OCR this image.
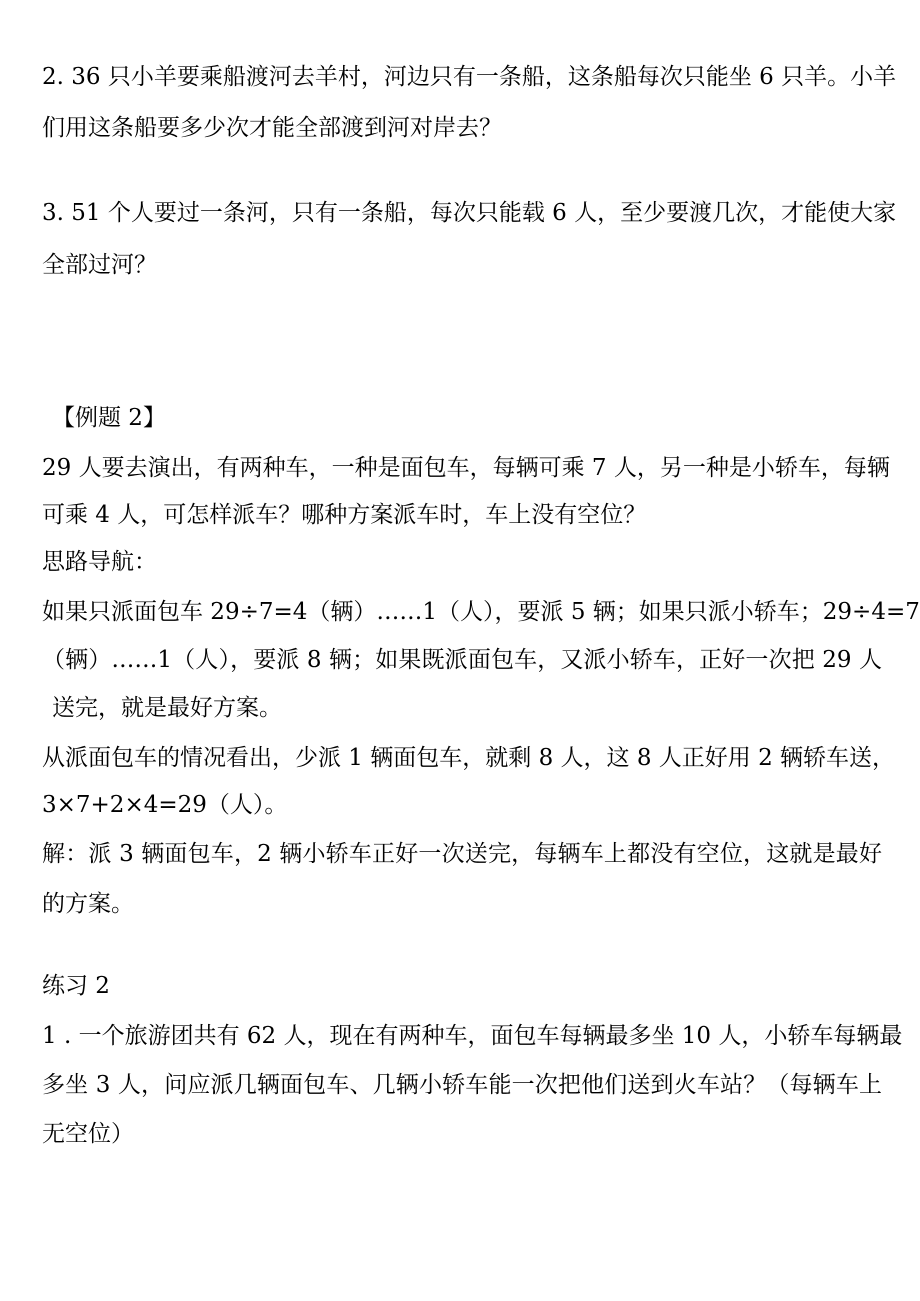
2. 36 只小羊要乘船渡河去羊村，河边只有一条船，这条船每次只能坐 6 只羊。小羊
们用这条船要多少次才能全部渡到河对岸去？
3. 51 个人要过一条河，只有一条船，每次只能载 6 人，至少要渡几次，才能使大家
全部过河？
【例题 2】
29 人要去演出，有两种车，一种是面包车，每辆可乘 7 人，另一种是小轿车，每辆
可乘 4 人，可怎样派车？哪种方案派车时，车上没有空位？
思路导航：
如果只派面包车 29÷7=4（辆）……1（人），要派 5 辆；如果只派小轿车；29÷4=7
（辆）……1（人），要派 8 辆；如果既派面包车，又派小轿车，正好一次把 29 人
送完，就是最好方案。
从派面包车的情况看出，少派 1 辆面包车，就剩 8 人，这 8 人正好用 2 辆轿车送，
3×7+2×4=29（人）。
解：派 3 辆面包车，2 辆小轿车正好一次送完，每辆车上都没有空位，这就是最好
的方案。
练习 2
1 . 一个旅游团共有 62 人，现在有两种车，面包车每辆最多坐 10 人，小轿车每辆最
多坐 3 人，问应派几辆面包车、几辆小轿车能一次把他们送到火车站？（每辆车上
无空位）
